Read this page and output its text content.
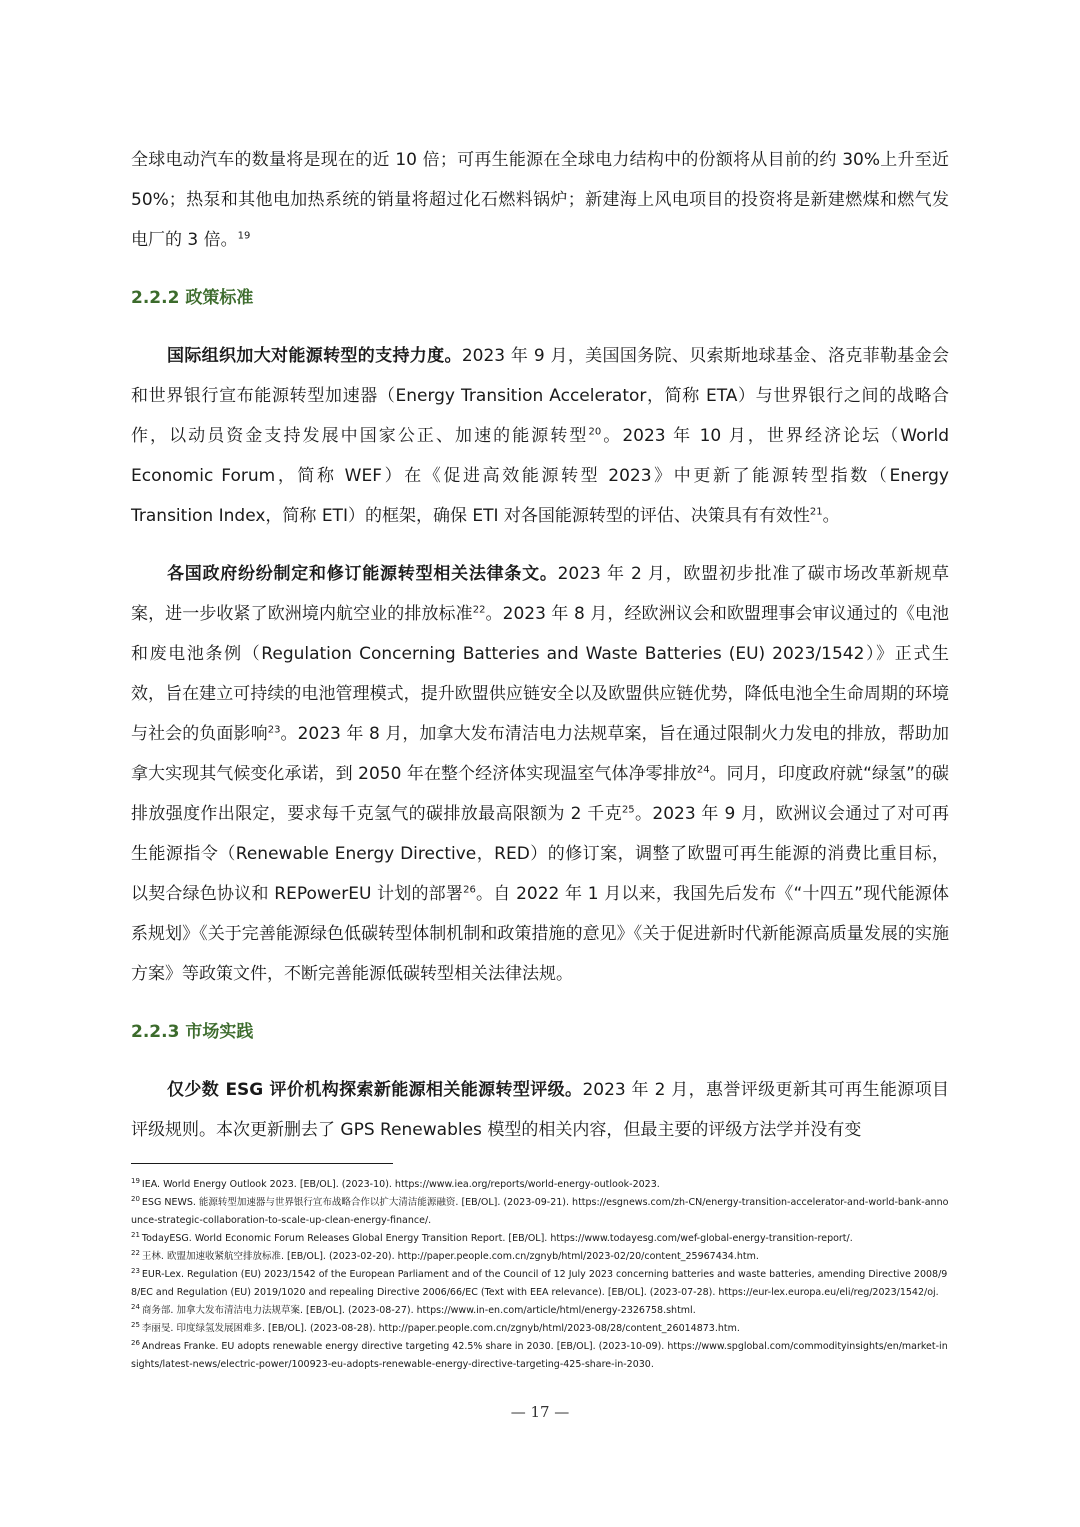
全球电动汽车的数量将是现在的近 10 倍；可再生能源在全球电力结构中的份额将从目前的约 30%上升至近 50%；热泵和其他电加热系统的销量将超过化石燃料锅炉；新建海上风电项目的投资将是新建燃煤和燃气发电厂的 3 倍。$^{19}$

2.2.2 政策标准

国际组织加大对能源转型的支持力度。2023 年 9 月，美国国务院、贝索斯地球基金、洛克菲勒基金会和世界银行宣布能源转型加速器（Energy Transition Accelerator，简称 ETA）与世界银行之间的战略合作，以动员资金支持发展中国家公正、加速的能源转型$^{20}$。2023 年 10 月，世界经济论坛（World Economic Forum，简称 WEF）在《促进高效能源转型 2023》中更新了能源转型指数（Energy Transition Index，简称 ETI）的框架，确保 ETI 对各国能源转型的评估、决策具有有效性$^{21}$。

各国政府纷纷制定和修订能源转型相关法律条文。2023 年 2 月，欧盟初步批准了碳市场改革新规草案，进一步收紧了欧洲境内航空业的排放标准$^{22}$。2023 年 8 月，经欧洲议会和欧盟理事会审议通过的《电池和废电池条例（Regulation Concerning Batteries and Waste Batteries (EU) 2023/1542）》正式生效，旨在建立可持续的电池管理模式，提升欧盟供应链安全以及欧盟供应链优势，降低电池全生命周期的环境与社会的负面影响$^{23}$。2023 年 8 月，加拿大发布清洁电力法规草案，旨在通过限制火力发电的排放，帮助加拿大实现其气候变化承诺，到 2050 年在整个经济体实现温室气体净零排放$^{24}$。同月，印度政府就“绿氢”的碳排放强度作出限定，要求每千克氢气的碳排放最高限额为 2 千克$^{25}$。2023 年 9 月，欧洲议会通过了对可再生能源指令（Renewable Energy Directive，RED）的修订案，调整了欧盟可再生能源的消费比重目标，以契合绿色协议和 REPowerEU 计划的部署$^{26}$。自 2022 年 1 月以来，我国先后发布《“十四五”现代能源体系规划》《关于完善能源绿色低碳转型体制机制和政策措施的意见》《关于促进新时代新能源高质量发展的实施方案》等政策文件，不断完善能源低碳转型相关法律法规。

2.2.3 市场实践

仅少数 ESG 评价机构探索新能源相关能源转型评级。2023 年 2 月，惠誉评级更新其可再生能源项目评级规则。本次更新删去了 GPS Renewables 模型的相关内容，但最主要的评级方法学并没有变

$^{19}$ IEA. World Energy Outlook 2023. [EB/OL]. (2023-10). https://www.iea.org/reports/world-energy-outlook-2023.

$^{20}$ ESG NEWS. 能源转型加速器与世界银行宣布战略合作以扩大清洁能源融资. [EB/OL]. (2023-09-21). https://esgnews.com/zh-CN/energy-transition-accelerator-and-world-bank-announce-strategic-collaboration-to-scale-up-clean-energy-finance/.

$^{21}$ TodayESG. World Economic Forum Releases Global Energy Transition Report. [EB/OL]. https://www.todayesg.com/wef-global-energy-transition-report/.

$^{22}$ 王林. 欧盟加速收紧航空排放标准. [EB/OL]. (2023-02-20). http://paper.people.com.cn/zgnyb/html/2023-02/20/content_25967434.htm.

$^{23}$ EUR-Lex. Regulation (EU) 2023/1542 of the European Parliament and of the Council of 12 July 2023 concerning batteries and waste batteries, amending Directive 2008/98/EC and Regulation (EU) 2019/1020 and repealing Directive 2006/66/EC (Text with EEA relevance). [EB/OL]. (2023-07-28). https://eur-lex.europa.eu/eli/reg/2023/1542/oj.

$^{24}$ 商务部. 加拿大发布清洁电力法规草案. [EB/OL]. (2023-08-27). https://www.in-en.com/article/html/energy-2326758.shtml.

$^{25}$ 李丽旻. 印度绿氢发展困难多. [EB/OL]. (2023-08-28). http://paper.people.com.cn/zgnyb/html/2023-08/28/content_26014873.htm.

$^{26}$ Andreas Franke. EU adopts renewable energy directive targeting 42.5% share in 2030. [EB/OL]. (2023-10-09). https://www.spglobal.com/commodityinsights/en/market-insights/latest-news/electric-power/100923-eu-adopts-renewable-energy-directive-targeting-425-share-in-2030.

— 17 —
